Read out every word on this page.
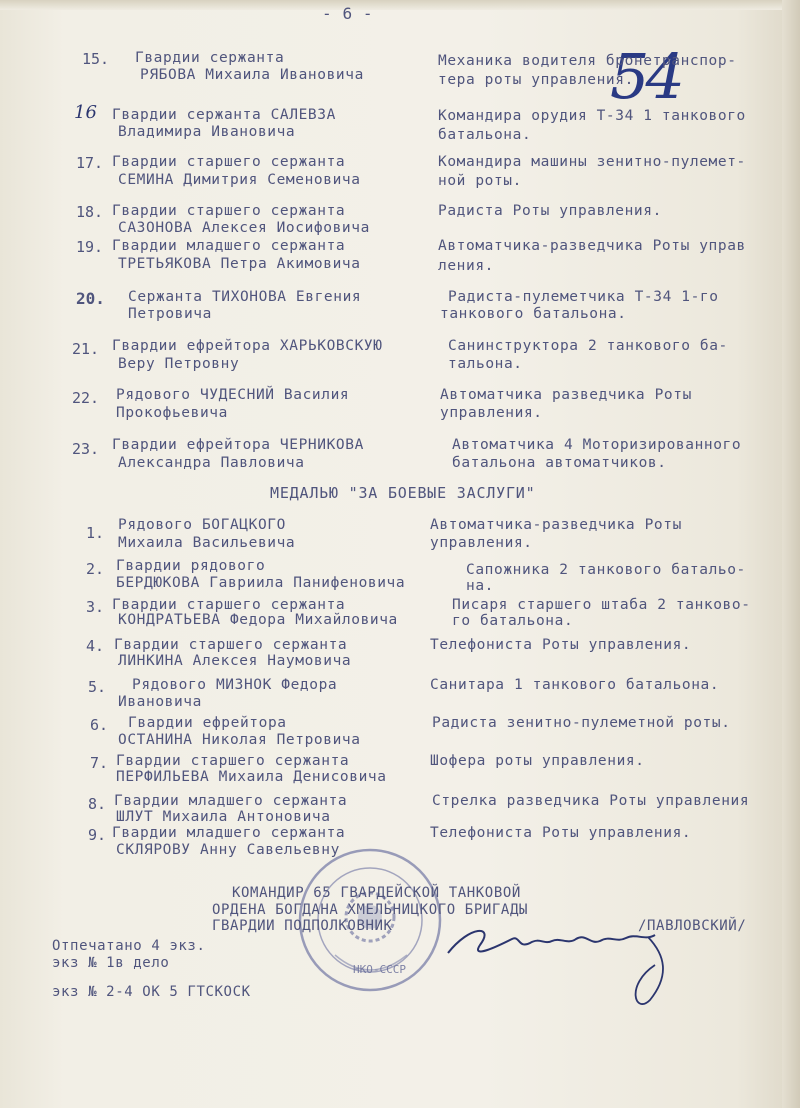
- 6 -
54
15. Гвардии сержанта
РЯБОВА Михаила Ивановича
Механика водителя бронетранспор-
тера роты управления.
16 Гвардии сержанта САЛЕВЗА
Владимира Ивановича
Командира орудия Т-34 1 танкового
батальона.
17. Гвардии старшего сержанта
СЕМИНА Димитрия Семеновича
Командира машины зенитно-пулемет-
ной роты.
18. Гвардии старшего сержанта
САЗОНОВА Алексея Иосифовича
Радиста Роты управления.
19. Гвардии младшего сержанта
ТРЕТЬЯКОВА Петра Акимовича
Автоматчика-разведчика Роты управ
ления.
20. Сержанта ТИХОНОВА Евгения
Петровича
Радиста-пулеметчика Т-34 1-го
танкового батальона.
21. Гвардии ефрейтора ХАРЬКОВСКУЮ
Веру Петровну
Санинструктора 2 танкового ба-
тальона.
22. Рядового ЧУДЕСНИЙ Василия
Прокофьевича
Автоматчика разведчика Роты
управления.
23. Гвардии ефрейтора ЧЕРНИКОВА
Александра Павловича
Автоматчика 4 Моторизированного
батальона автоматчиков.
МЕДАЛЬЮ "ЗА БОЕВЫЕ ЗАСЛУГИ"
1. Рядового БОГАЦКОГО
Михаила Васильевича
Автоматчика-разведчика Роты
управления.
2. Гвардии рядового
БЕРДЮКОВА Гавриила Панифеновича
Сапожника 2 танкового батальо-
на.
3. Гвардии старшего сержанта
КОНДРАТЬЕВА Федора Михайловича
Писаря старшего штаба 2 танково-
го батальона.
4. Гвардии старшего сержанта
ЛИНКИНА Алексея Наумовича
Телефониста Роты управления.
5. Рядового МИЗНОК Федора
Ивановича
Санитара 1 танкового батальона.
6. Гвардии ефрейтора
ОСТАНИНА Николая Петровича
Радиста зенитно-пулеметной роты.
7. Гвардии старшего сержанта
ПЕРФИЛЬЕВА Михаила Денисовича
Шофера роты управления.
8. Гвардии младшего сержанта
ШЛУТ Михаила Антоновича
Стрелка разведчика Роты управления
9. Гвардии младшего сержанта
СКЛЯРОВУ Анну Савельевну
Телефониста Роты управления.
НКО-СССР
КОМАНДИР 65 ГВАРДЕЙСКОЙ ТАНКОВОЙ
ОРДЕНА БОГДАНА ХМЕЛЬНИЦКОГО БРИГАДЫ
ГВАРДИИ ПОДПОЛКОВНИК	/ПАВЛОВСКИЙ/
Отпечатано 4 экз.
экз № 1в дело
экз № 2-4 ОК 5 ГТСКОСК
